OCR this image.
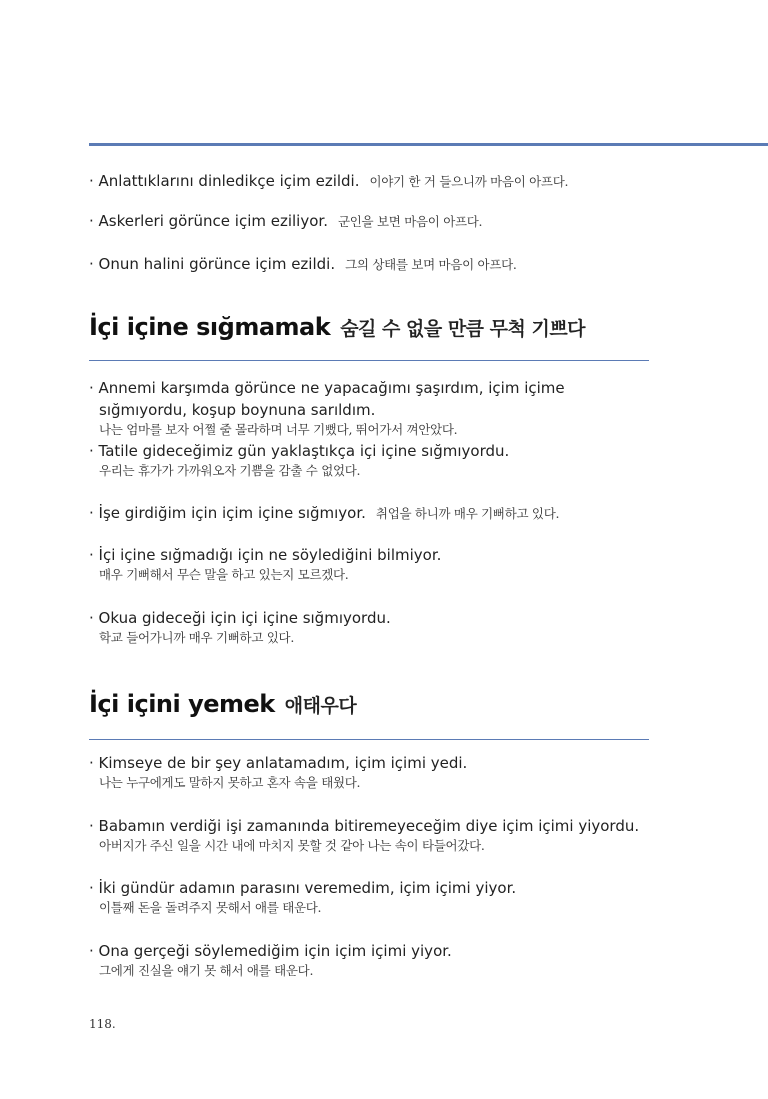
· Anlattıklarını dinledikçe içim ezildi. 이야기 한 거 들으니까 마음이 아프다.
· Askerleri görünce içim eziliyor. 군인을 보면 마음이 아프다.
· Onun halini görünce içim ezildi. 그의 상태를 보며 마음이 아프다.
İçi içine sığmamak 숨길 수 없을 만큼 무척 기쁘다
· Annemi karşımda görünce ne yapacağımı şaşırdım, içim içime
sığmıyordu, koşup boynuna sarıldım.
나는 엄마를 보자 어쩔 줄 몰라하며 너무 기뻤다, 뛰어가서 껴안았다.
· Tatile gideceğimiz gün yaklaştıkça içi içine sığmıyordu.
우리는 휴가가 가까워오자 기쁨을 감출 수 없었다.
· İşe girdiğim için içim içine sığmıyor. 취업을 하니까 매우 기뻐하고 있다.
· İçi içine sığmadığı için ne söylediğini bilmiyor.
매우 기뻐해서 무슨 말을 하고 있는지 모르겠다.
· Okua gideceği için içi içine sığmıyordu.
학교 들어가니까 매우 기뻐하고 있다.
İçi içini yemek 애태우다
· Kimseye de bir şey anlatamadım, içim içimi yedi.
나는 누구에게도 말하지 못하고 혼자 속을 태웠다.
· Babamın verdiği işi zamanında bitiremeyeceğim diye içim içimi yiyordu.
아버지가 주신 일을 시간 내에 마치지 못할 것 같아 나는 속이 타들어갔다.
· İki gündür adamın parasını veremedim, içim içimi yiyor.
이틀째 돈을 돌려주지 못해서 애를 태운다.
· Ona gerçeği söylemediğim için içim içimi yiyor.
그에게 진실을 얘기 못 해서 애를 태운다.
118.
